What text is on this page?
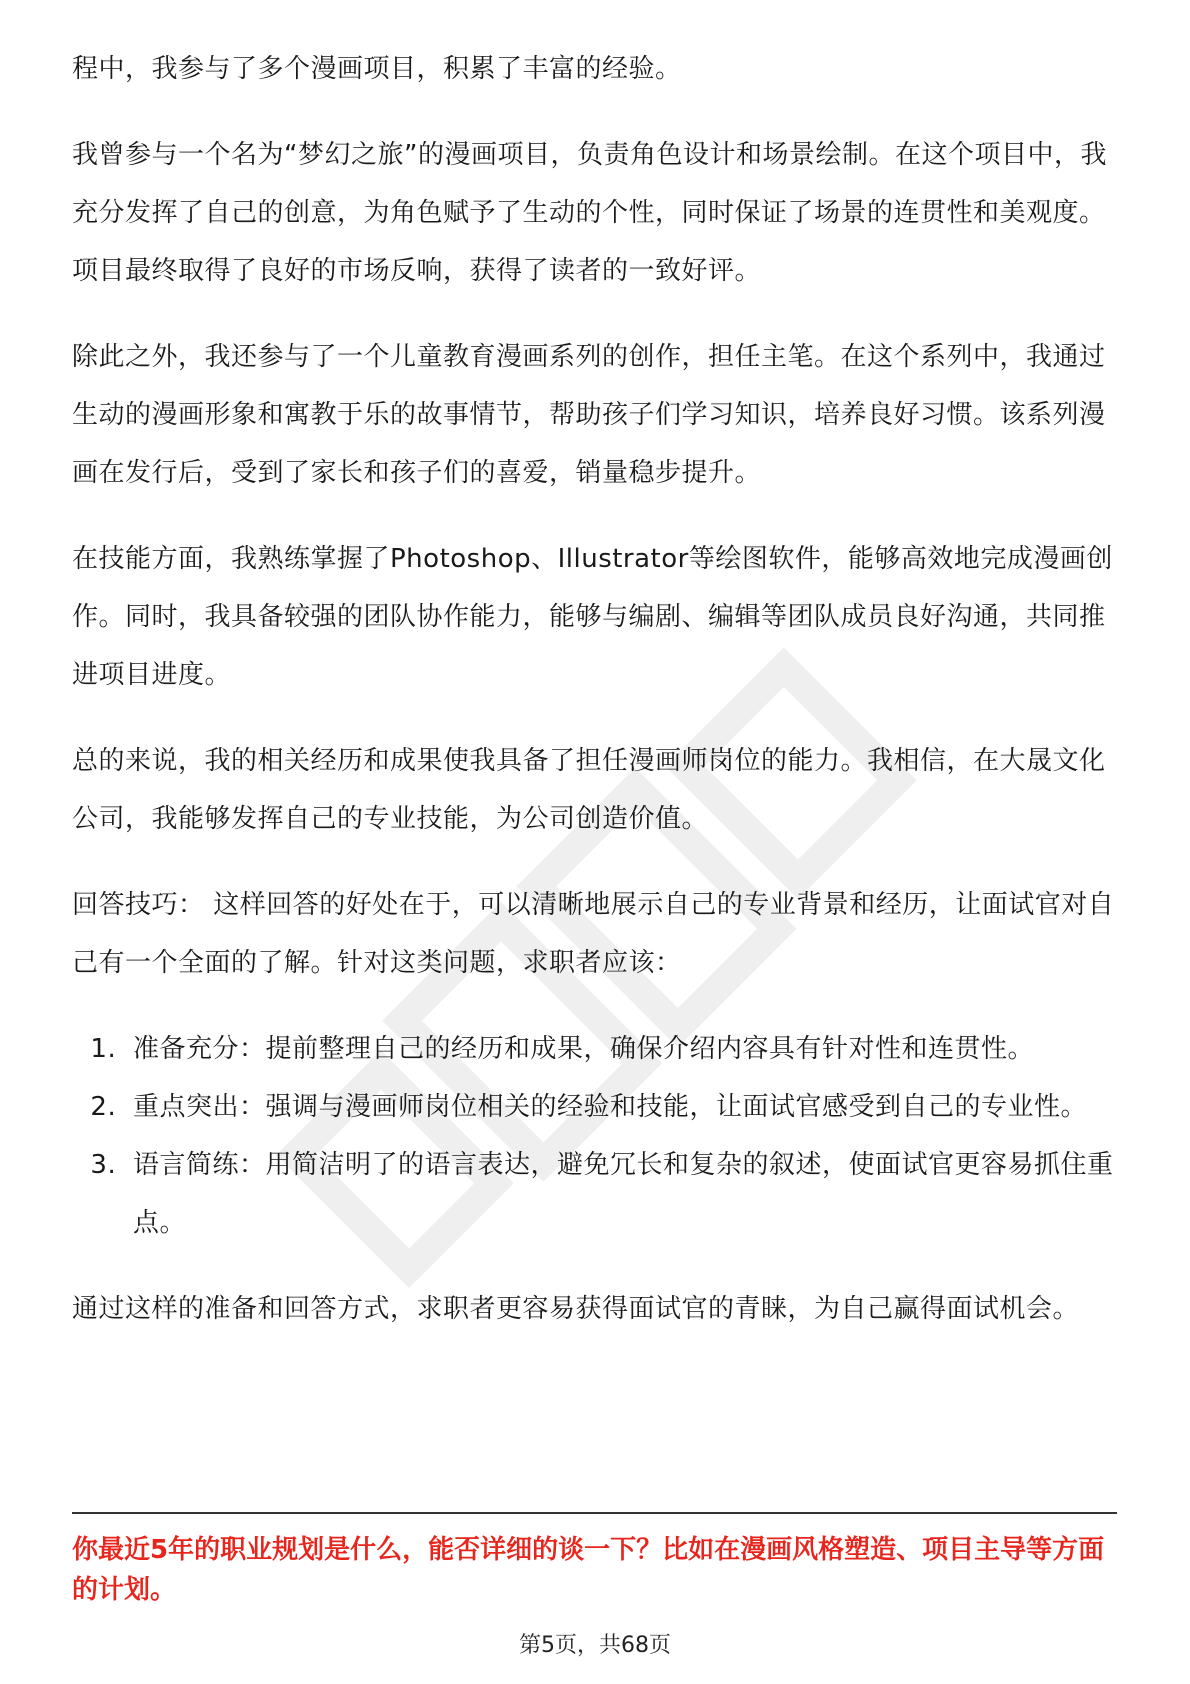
程中，我参与了多个漫画项目，积累了丰富的经验。

我曾参与一个名为“梦幻之旅”的漫画项目，负责角色设计和场景绘制。在这个项目中，我充分发挥了自己的创意，为角色赋予了生动的个性，同时保证了场景的连贯性和美观度。项目最终取得了良好的市场反响，获得了读者的一致好评。

除此之外，我还参与了一个儿童教育漫画系列的创作，担任主笔。在这个系列中，我通过生动的漫画形象和寓教于乐的故事情节，帮助孩子们学习知识，培养良好习惯。该系列漫画在发行后，受到了家长和孩子们的喜爱，销量稳步提升。

在技能方面，我熟练掌握了Photoshop、Illustrator等绘图软件，能够高效地完成漫画创作。同时，我具备较强的团队协作能力，能够与编剧、编辑等团队成员良好沟通，共同推进项目进度。

总的来说，我的相关经历和成果使我具备了担任漫画师岗位的能力。我相信，在大晟文化公司，我能够发挥自己的专业技能，为公司创造价值。

回答技巧： 这样回答的好处在于，可以清晰地展示自己的专业背景和经历，让面试官对自己有一个全面的了解。针对这类问题，求职者应该：

1. 准备充分：提前整理自己的经历和成果，确保介绍内容具有针对性和连贯性。
2. 重点突出：强调与漫画师岗位相关的经验和技能，让面试官感受到自己的专业性。
3. 语言简练：用简洁明了的语言表达，避免冗长和复杂的叙述，使面试官更容易抓住重点。

通过这样的准备和回答方式，求职者更容易获得面试官的青睐，为自己赢得面试机会。

你最近5年的职业规划是什么，能否详细的谈一下？比如在漫画风格塑造、项目主导等方面的计划。

第5页，共68页
